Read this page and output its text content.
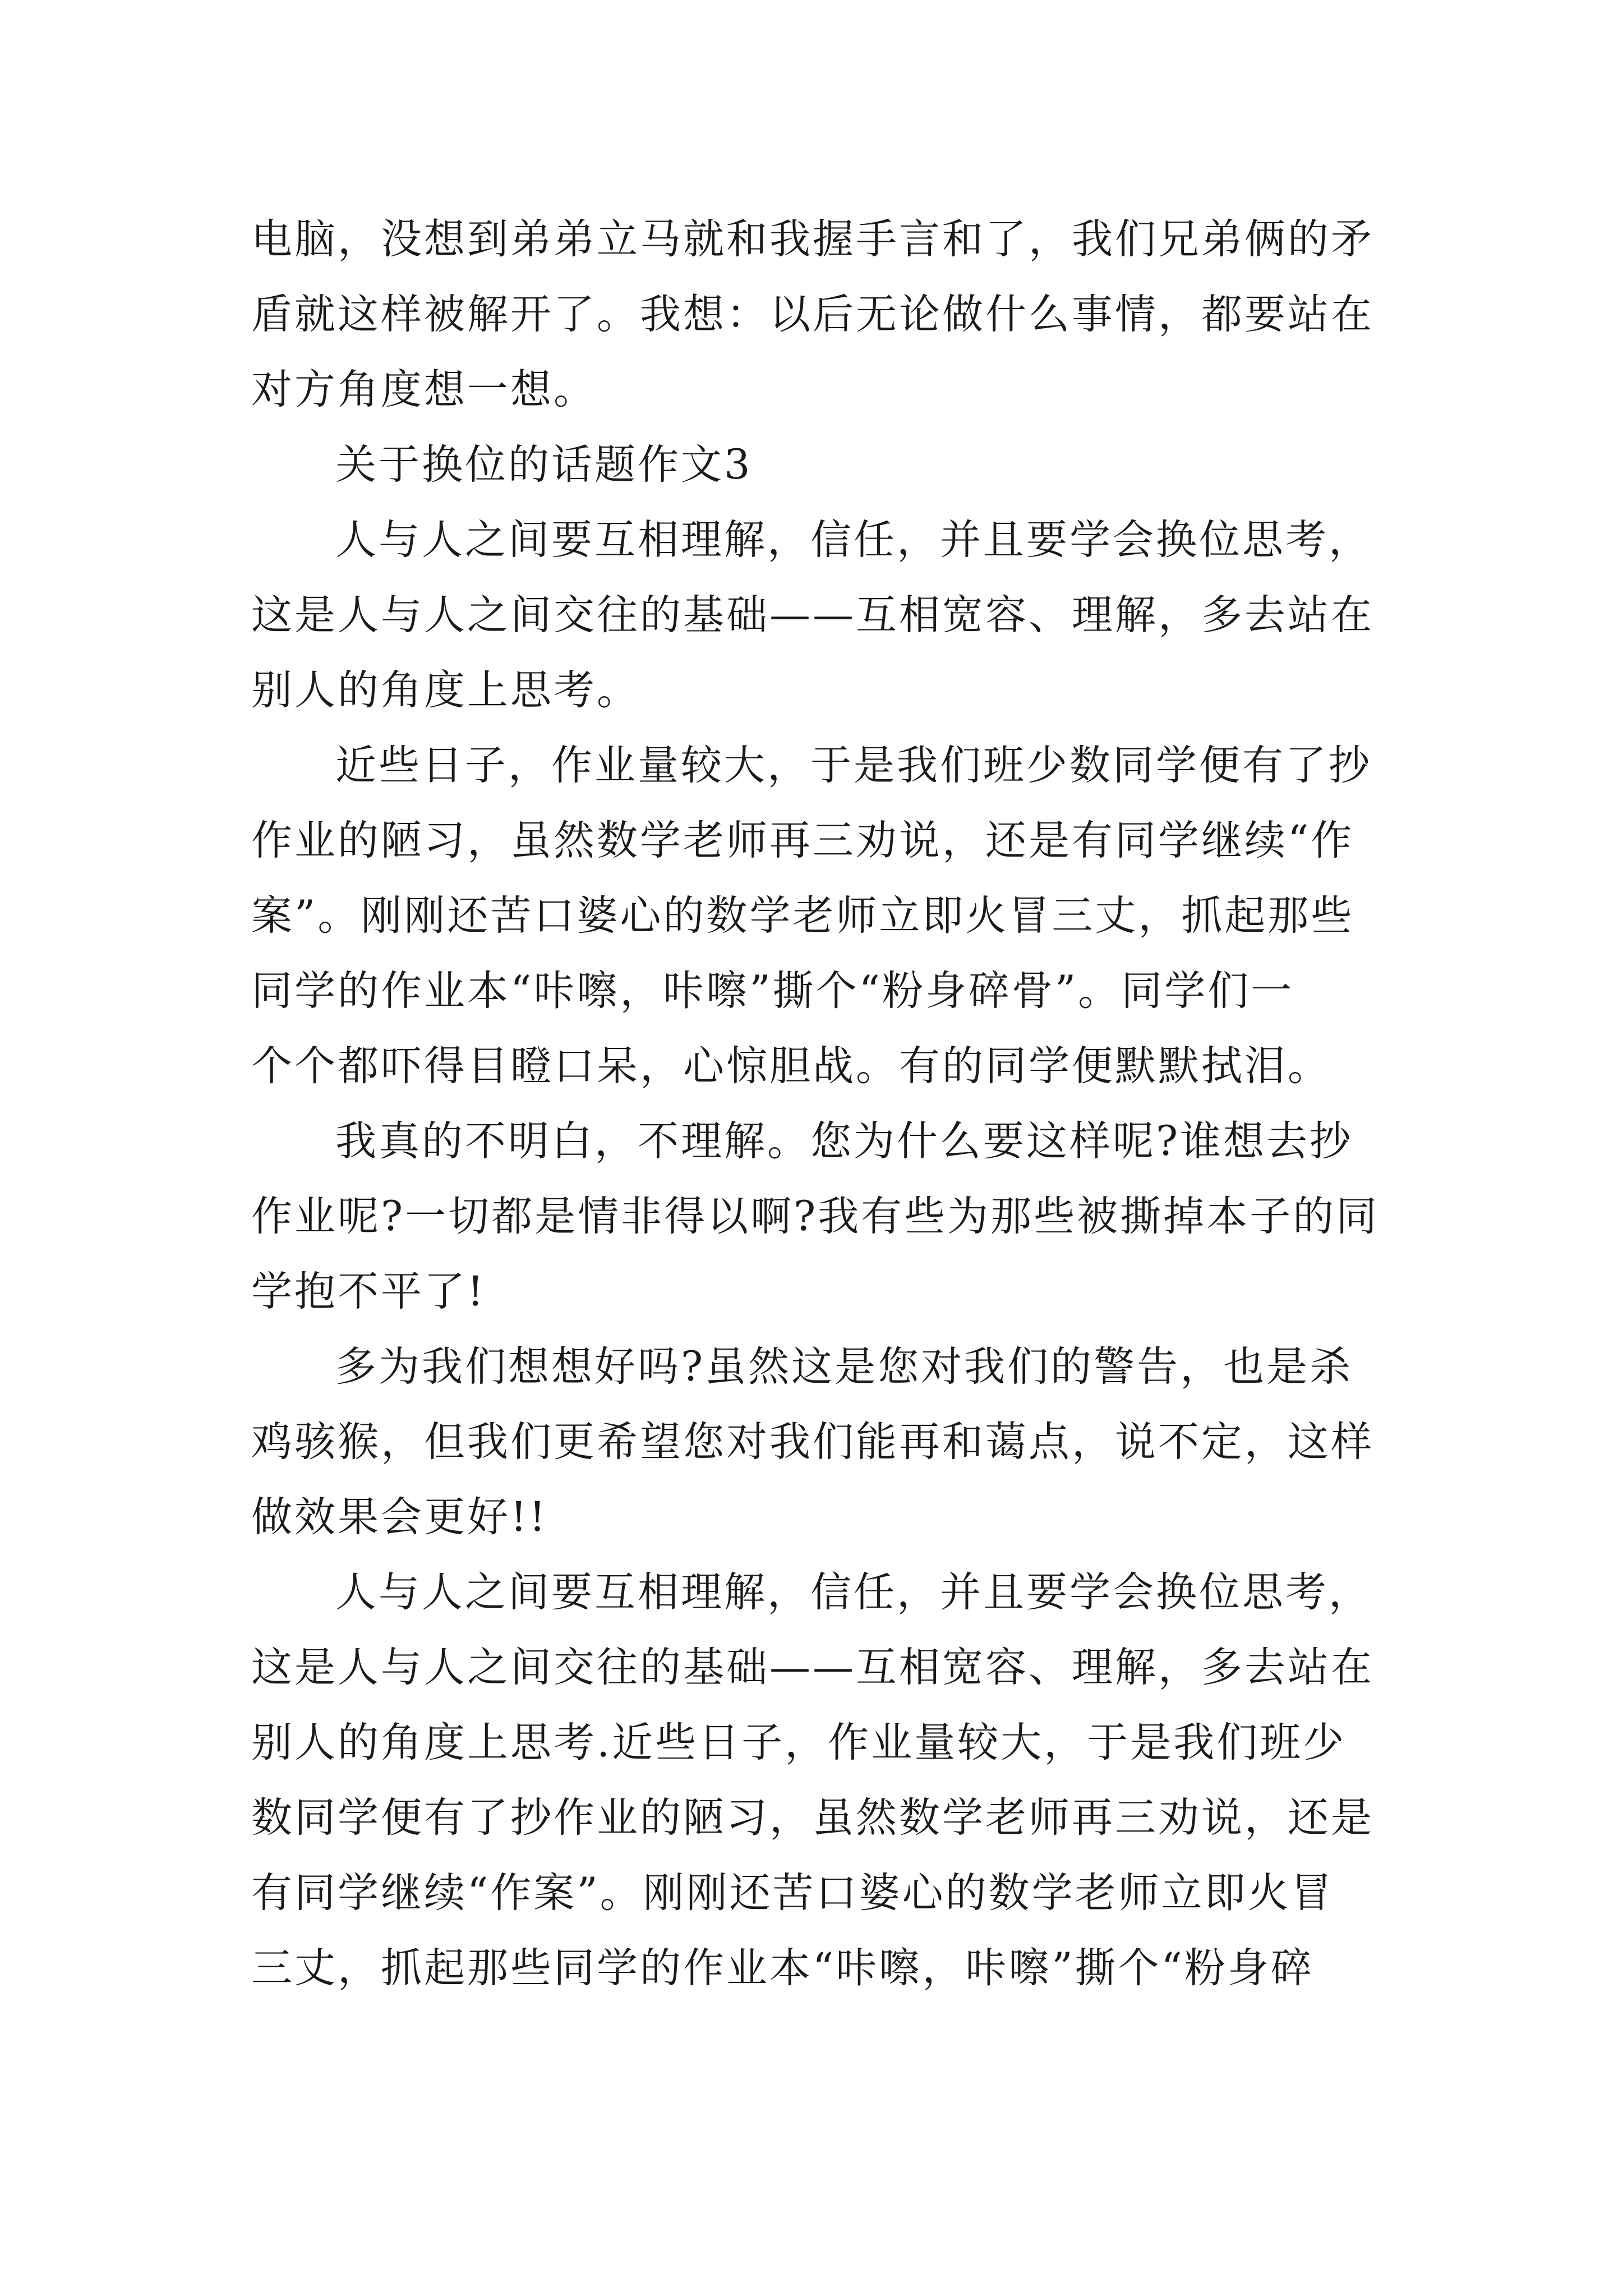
电脑，没想到弟弟立马就和我握手言和了，我们兄弟俩的矛
盾就这样被解开了。我想：以后无论做什么事情，都要站在
对方角度想一想。
关于换位的话题作文3
人与人之间要互相理解，信任，并且要学会换位思考，
这是人与人之间交往的基础——互相宽容、理解，多去站在
别人的角度上思考。
近些日子，作业量较大，于是我们班少数同学便有了抄
作业的陋习，虽然数学老师再三劝说，还是有同学继续“作
案”。刚刚还苦口婆心的数学老师立即火冒三丈，抓起那些
同学的作业本“咔嚓，咔嚓”撕个“粉身碎骨”。同学们一
个个都吓得目瞪口呆，心惊胆战。有的同学便默默拭泪。
我真的不明白，不理解。您为什么要这样呢?谁想去抄
作业呢?一切都是情非得以啊?我有些为那些被撕掉本子的同
学抱不平了!
多为我们想想好吗?虽然这是您对我们的警告，也是杀
鸡骇猴，但我们更希望您对我们能再和蔼点，说不定，这样
做效果会更好!!
人与人之间要互相理解，信任，并且要学会换位思考，
这是人与人之间交往的基础——互相宽容、理解，多去站在
别人的角度上思考.近些日子，作业量较大，于是我们班少
数同学便有了抄作业的陋习，虽然数学老师再三劝说，还是
有同学继续“作案”。刚刚还苦口婆心的数学老师立即火冒
三丈，抓起那些同学的作业本“咔嚓，咔嚓”撕个“粉身碎
